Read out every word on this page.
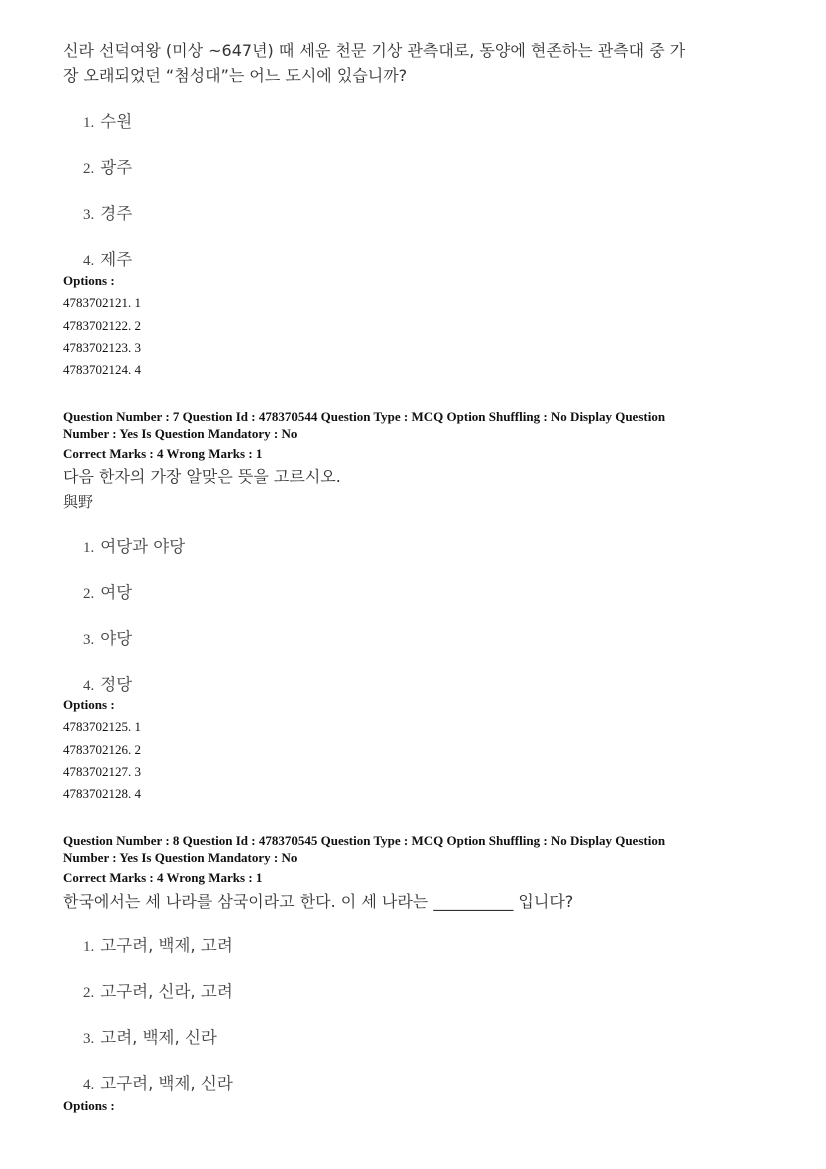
신라 선덕여왕 (미상 ~647년) 때 세운 천문 기상 관측대로, 동양에 현존하는 관측대 중 가
장 오래되었던 “첨성대”는 어느 도시에 있습니까?
1. 수원
2. 광주
3. 경주
4. 제주
Options :
4783702121. 1
4783702122. 2
4783702123. 3
4783702124. 4
Question Number : 7 Question Id : 478370544 Question Type : MCQ Option Shuffling : No Display Question
Number : Yes Is Question Mandatory : No
Correct Marks : 4 Wrong Marks : 1
다음 한자의 가장 알맞은 뜻을 고르시오.
與野
1. 여당과 야당
2. 여당
3. 야당
4. 정당
Options :
4783702125. 1
4783702126. 2
4783702127. 3
4783702128. 4
Question Number : 8 Question Id : 478370545 Question Type : MCQ Option Shuffling : No Display Question
Number : Yes Is Question Mandatory : No
Correct Marks : 4 Wrong Marks : 1
한국에서는 세 나라를 삼국이라고 한다. 이 세 나라는 __________ 입니다?
1. 고구려, 백제, 고려
2. 고구려, 신라, 고려
3. 고려, 백제, 신라
4. 고구려, 백제, 신라
Options :
